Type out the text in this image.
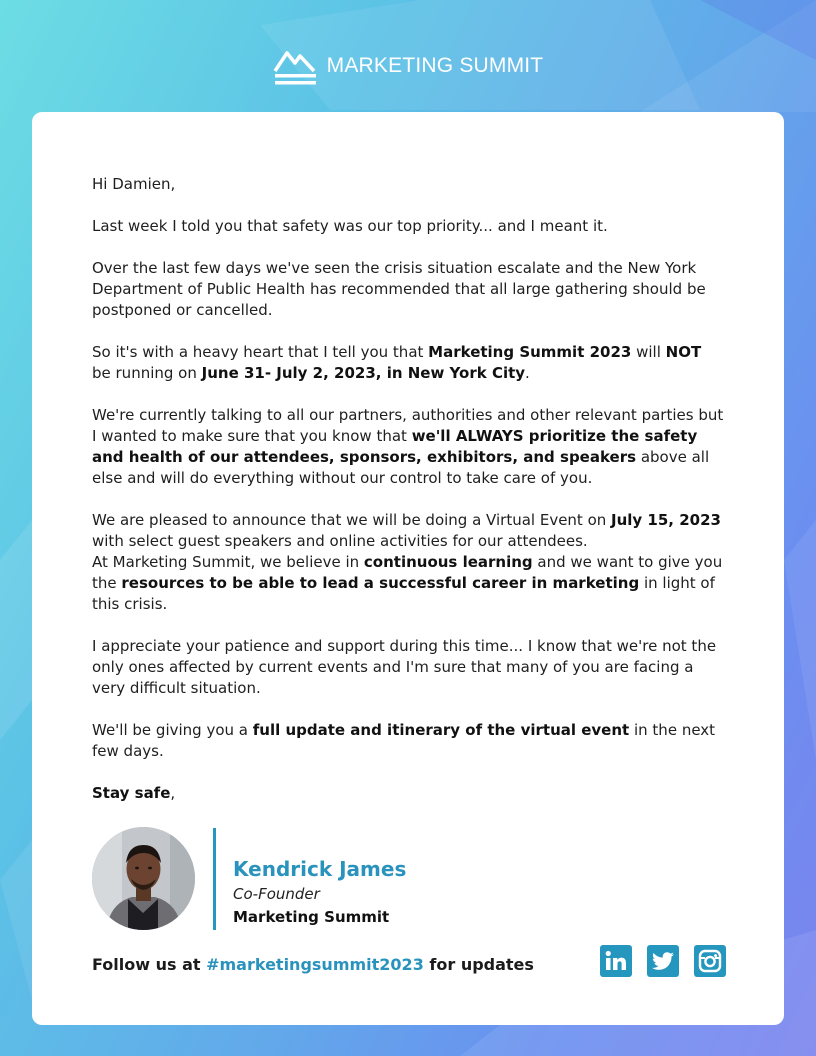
MARKETING SUMMIT

Hi Damien,

Last week I told you that safety was our top priority... and I meant it.

Over the last few days we've seen the crisis situation escalate and the New York Department of Public Health has recommended that all large gathering should be postponed or cancelled.

So it's with a heavy heart that I tell you that Marketing Summit 2023 will NOT be running on June 31- July 2, 2023, in New York City.

We're currently talking to all our partners, authorities and other relevant parties but I wanted to make sure that you know that we'll ALWAYS prioritize the safety and health of our attendees, sponsors, exhibitors, and speakers above all else and will do everything without our control to take care of you.

We are pleased to announce that we will be doing a Virtual Event on July 15, 2023 with select guest speakers and online activities for our attendees.
At Marketing Summit, we believe in continuous learning and we want to give you the resources to be able to lead a successful career in marketing in light of this crisis.

I appreciate your patience and support during this time... I know that we're not the only ones affected by current events and I'm sure that many of you are facing a very difficult situation.

We'll be giving you a full update and itinerary of the virtual event in the next few days.

Stay safe,

Kendrick James
Co-Founder
Marketing Summit
Follow us at #marketingsummit2023 for updates
